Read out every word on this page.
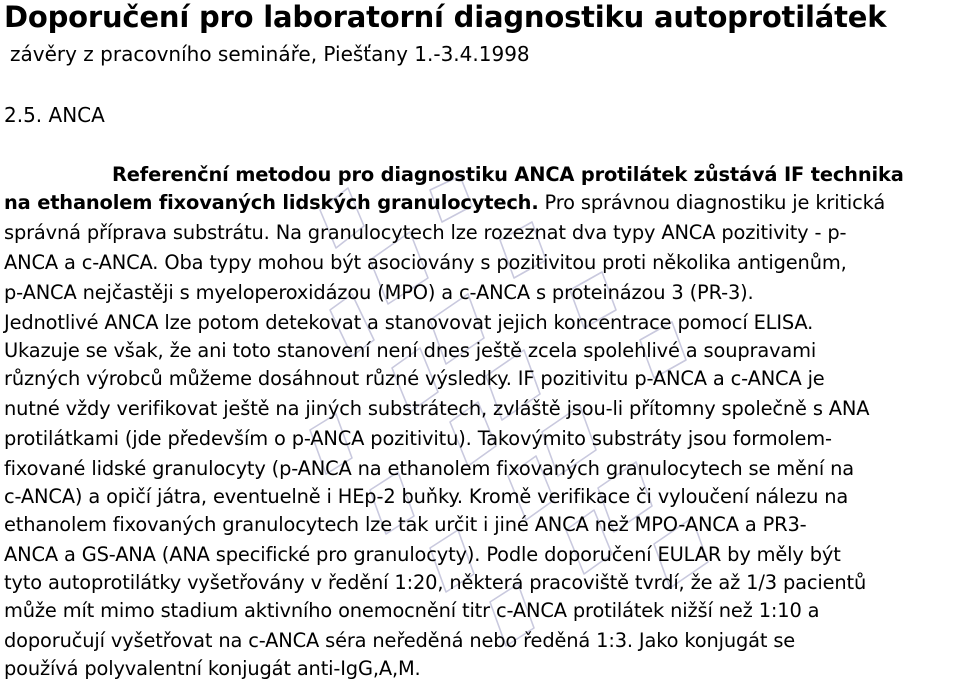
Doporučení pro laboratorní diagnostiku autoprotilátek
závěry z pracovního semináře, Piešťany 1.-3.4.1998
2.5. ANCA
Referenční metodou pro diagnostiku ANCA protilátek zůstává IF technika
na ethanolem fixovaných lidských granulocytech. Pro správnou diagnostiku je kritická
správná příprava substrátu. Na granulocytech lze rozeznat dva typy ANCA pozitivity - p-
ANCA a c-ANCA. Oba typy mohou být asociovány s pozitivitou proti několika antigenům,
p-ANCA nejčastěji s myeloperoxidázou (MPO) a c-ANCA s proteinázou 3 (PR-3).
Jednotlivé ANCA lze potom detekovat a stanovovat jejich koncentrace pomocí ELISA.
Ukazuje se však, že ani toto stanovení není dnes ještě zcela spolehlivé a soupravami
různých výrobců můžeme dosáhnout různé výsledky. IF pozitivitu p-ANCA a c-ANCA je
nutné vždy verifikovat ještě na jiných substrátech, zvláště jsou-li přítomny společně s ANA
protilátkami (jde především o p-ANCA pozitivitu). Takovýmito substráty jsou formolem-
fixované lidské granulocyty (p-ANCA na ethanolem fixovaných granulocytech se mění na
c-ANCA) a opičí játra, eventuelně i HEp-2 buňky. Kromě verifikace či vyloučení nálezu na
ethanolem fixovaných granulocytech lze tak určit i jiné ANCA než MPO-ANCA a PR3-
ANCA a GS-ANA (ANA specifické pro granulocyty). Podle doporučení EULAR by měly být
tyto autoprotilátky vyšetřovány v ředění 1:20, některá pracoviště tvrdí, že až 1/3 pacientů
může mít mimo stadium aktivního onemocnění titr c-ANCA protilátek nižší než 1:10 a
doporučují vyšetřovat na c-ANCA séra neředěná nebo ředěná 1:3. Jako konjugát se
používá polyvalentní konjugát anti-IgG,A,M.
